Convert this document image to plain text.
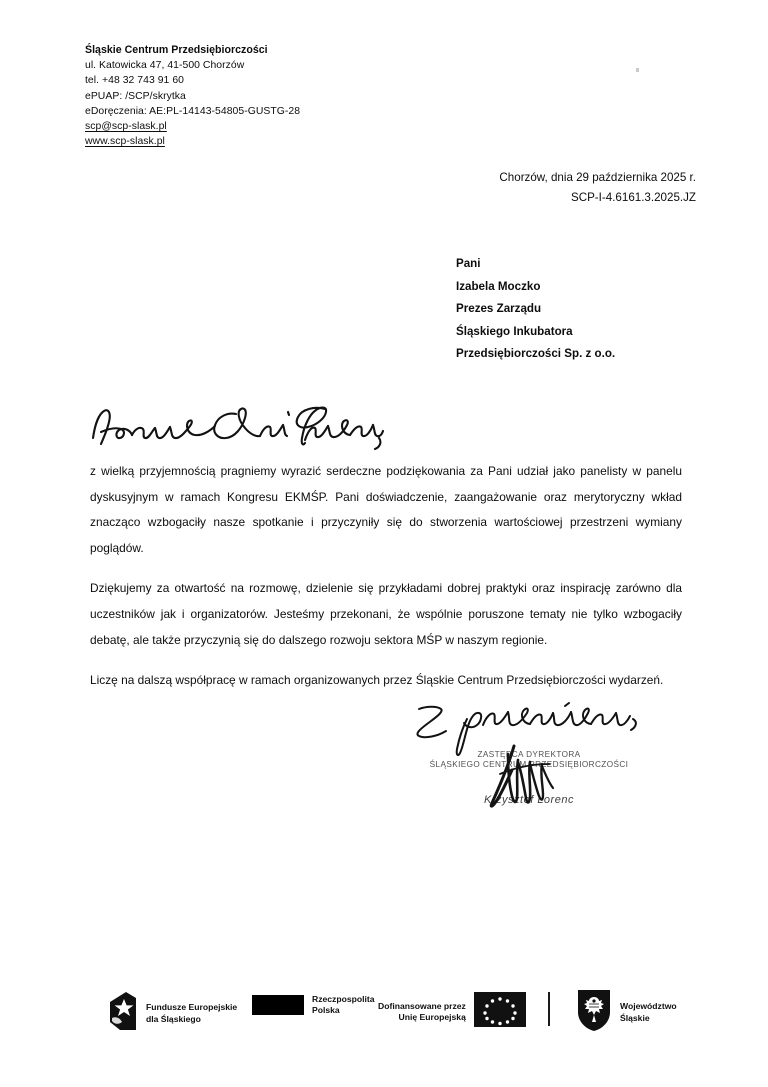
Śląskie Centrum Przedsiębiorczości
ul. Katowicka 47, 41-500 Chorzów
tel. +48 32 743 91 60
ePUAP: /SCP/skrytka
eDoręczenia: AE:PL-14143-54805-GUSTG-28
scp@scp-slask.pl
www.scp-slask.pl
Chorzów, dnia 29 października 2025 r.
SCP-I-4.6161.3.2025.JZ
Pani
Izabela Moczko
Prezes Zarządu
Śląskiego Inkubatora
Przedsiębiorczości Sp. z o.o.

z wielką przyjemnością pragniemy wyrazić serdeczne podziękowania za Pani udział jako panelisty w panelu dyskusyjnym w ramach Kongresu EKMŚP. Pani doświadczenie, zaangażowanie oraz merytoryczny wkład znacząco wzbogaciły nasze spotkanie i przyczyniły się do stworzenia wartościowej przestrzeni wymiany poglądów.

Dziękujemy za otwartość na rozmowę, dzielenie się przykładami dobrej praktyki oraz inspirację zarówno dla uczestników jak i organizatorów. Jesteśmy przekonani, że wspólnie poruszone tematy nie tylko wzbogaciły debatę, ale także przyczynią się do dalszego rozwoju sektora MŚP w naszym regionie.

Liczę na dalszą współpracę w ramach organizowanych przez Śląskie Centrum Przedsiębiorczości wydarzeń.

ZASTĘPCA DYREKTORA
ŚLĄSKIEGO CENTRUM PRZEDSIĘBIORCZOŚCI
Krzysztof Lorenc
Fundusze Europejskie
dla Śląskiego
Rzeczpospolita
Polska	Dofinansowane przez
Unię Europejską
Województwo
Śląskie
